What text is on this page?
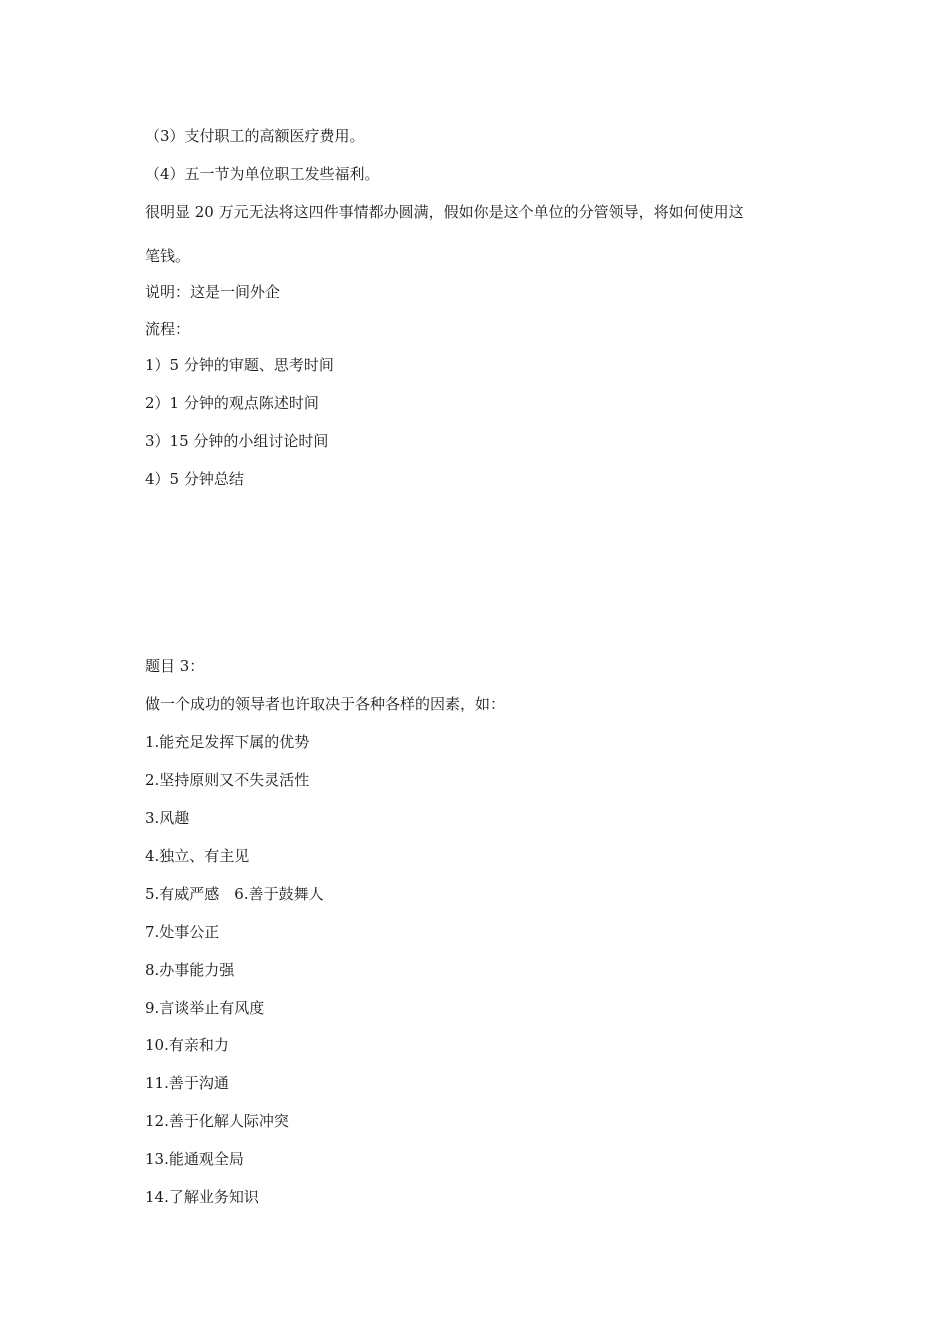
（3）支付职工的高额医疗费用。
（4）五一节为单位职工发些福利。
很明显 20 万元无法将这四件事情都办圆满，假如你是这个单位的分管领导，将如何使用这
笔钱。
说明：这是一间外企
流程：
1）5 分钟的审题、思考时间
2）1 分钟的观点陈述时间
3）15 分钟的小组讨论时间
4）5 分钟总结
题目 3：
做一个成功的领导者也许取决于各种各样的因素，如：
1.能充足发挥下属的优势
2.坚持原则又不失灵活性
3.风趣
4.独立、有主见
5.有威严感　6.善于鼓舞人
7.处事公正
8.办事能力强
9.言谈举止有风度
10.有亲和力
11.善于沟通
12.善于化解人际冲突
13.能通观全局
14.了解业务知识
